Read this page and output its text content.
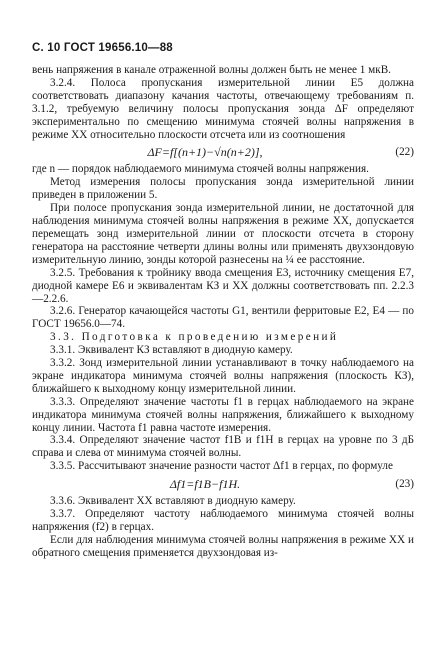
С. 10 ГОСТ 19656.10—88

вень напряжения в канале отраженной волны должен быть не менее 1 мкВ.

3.2.4. Полоса пропускания измерительной линии Е5 должна соответствовать диапазону качания частоты, отвечающему требованиям п. 3.1.2, требуемую величину полосы пропускания зонда ΔF определяют экспериментально по смещению минимума стоячей волны напряжения в режиме XX относительно плоскости отсчета или из соотношения

ΔF=f[(n+1)−√n(n+2)],	(22)

где n — порядок наблюдаемого минимума стоячей волны напряжения.

Метод измерения полосы пропускания зонда измерительной линии приведен в приложении 5.

При полосе пропускания зонда измерительной линии, не достаточной для наблюдения минимума стоячей волны напряжения в режиме XX, допускается перемещать зонд измерительной линии от плоскости отсчета в сторону генератора на расстояние четверти длины волны или применять двухзондовую измерительную линию, зонды которой разнесены на ¼ ее расстояние.

3.2.5. Требования к тройнику ввода смещения Е3, источнику смещения Е7, диодной камере Е6 и эквивалентам КЗ и XX должны соответствовать пп. 2.2.3—2.2.6.

3.2.6. Генератор качающейся частоты G1, вентили ферритовые Е2, Е4 — по ГОСТ 19656.0—74.

3.3. Подготовка к проведению измерений

3.3.1. Эквивалент КЗ вставляют в диодную камеру.

3.3.2. Зонд измерительной линии устанавливают в точку наблюдаемого на экране индикатора минимума стоячей волны напряжения (плоскость КЗ), ближайшего к выходному концу измерительной линии.

3.3.3. Определяют значение частоты f1 в герцах наблюдаемого на экране индикатора минимума стоячей волны напряжения, ближайшего к выходному концу линии. Частота f1 равна частоте измерения.

3.3.4. Определяют значение частот f1В и f1Н в герцах на уровне по 3 дБ справа и слева от минимума стоячей волны.

3.3.5. Рассчитывают значение разности частот Δf1 в герцах, по формуле

Δf1=f1В−f1Н.	(23)

3.3.6. Эквивалент XX вставляют в диодную камеру.

3.3.7. Определяют частоту наблюдаемого минимума стоячей волны напряжения (f2) в герцах.

Если для наблюдения минимума стоячей волны напряжения в режиме XX и обратного смещения применяется двухзондовая из-
